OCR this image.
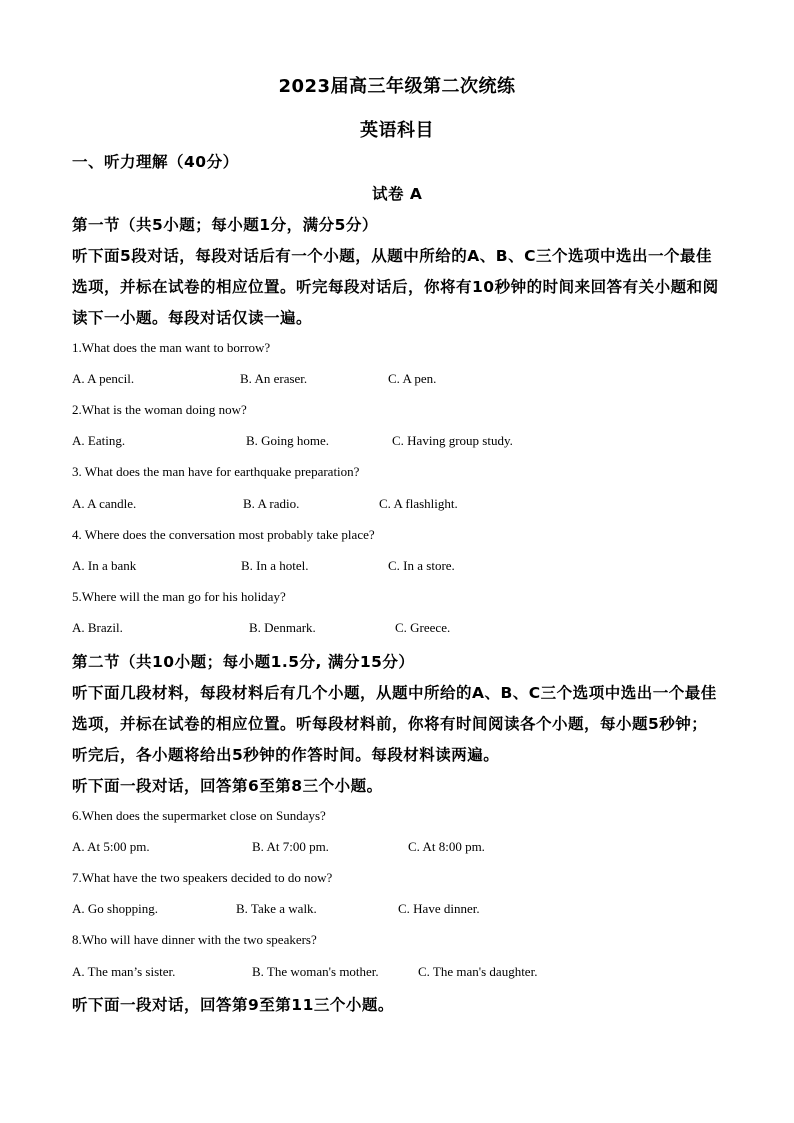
2023届高三年级第二次统练
英语科目
一、听力理解（40分）
试卷 A
第一节（共5小题；每小题1分，满分5分）
听下面5段对话，每段对话后有一个小题，从题中所给的A、B、C三个选项中选出一个最佳
选项，并标在试卷的相应位置。听完每段对话后，你将有10秒钟的时间来回答有关小题和阅
读下一小题。每段对话仅读一遍。
1.What does the man want to borrow?
A. A pencil.	B. An eraser.	C. A pen.
2.What is the woman doing now?
A. Eating.	B. Going home.	C. Having group study.
3. What does the man have for earthquake preparation?
A. A candle.	B. A radio.	C. A flashlight.
4. Where does the conversation most probably take place?
A. In a bank	B. In a hotel.	C. In a store.
5.Where will the man go for his holiday?
A. Brazil.	B. Denmark.	C. Greece.
第二节（共10小题；每小题1.5分, 满分15分）
听下面几段材料，每段材料后有几个小题，从题中所给的A、B、C三个选项中选出一个最佳
选项，并标在试卷的相应位置。听每段材料前，你将有时间阅读各个小题，每小题5秒钟；
听完后，各小题将给出5秒钟的作答时间。每段材料读两遍。
听下面一段对话，回答第6至第8三个小题。
6.When does the supermarket close on Sundays?
A. At 5:00 pm.	B. At 7:00 pm.	C. At 8:00 pm.
7.What have the two speakers decided to do now?
A. Go shopping.	B. Take a walk.	C. Have dinner.
8.Who will have dinner with the two speakers?
A. The man’s sister.	B. The woman's mother.	C. The man's daughter.
听下面一段对话，回答第9至第11三个小题。
